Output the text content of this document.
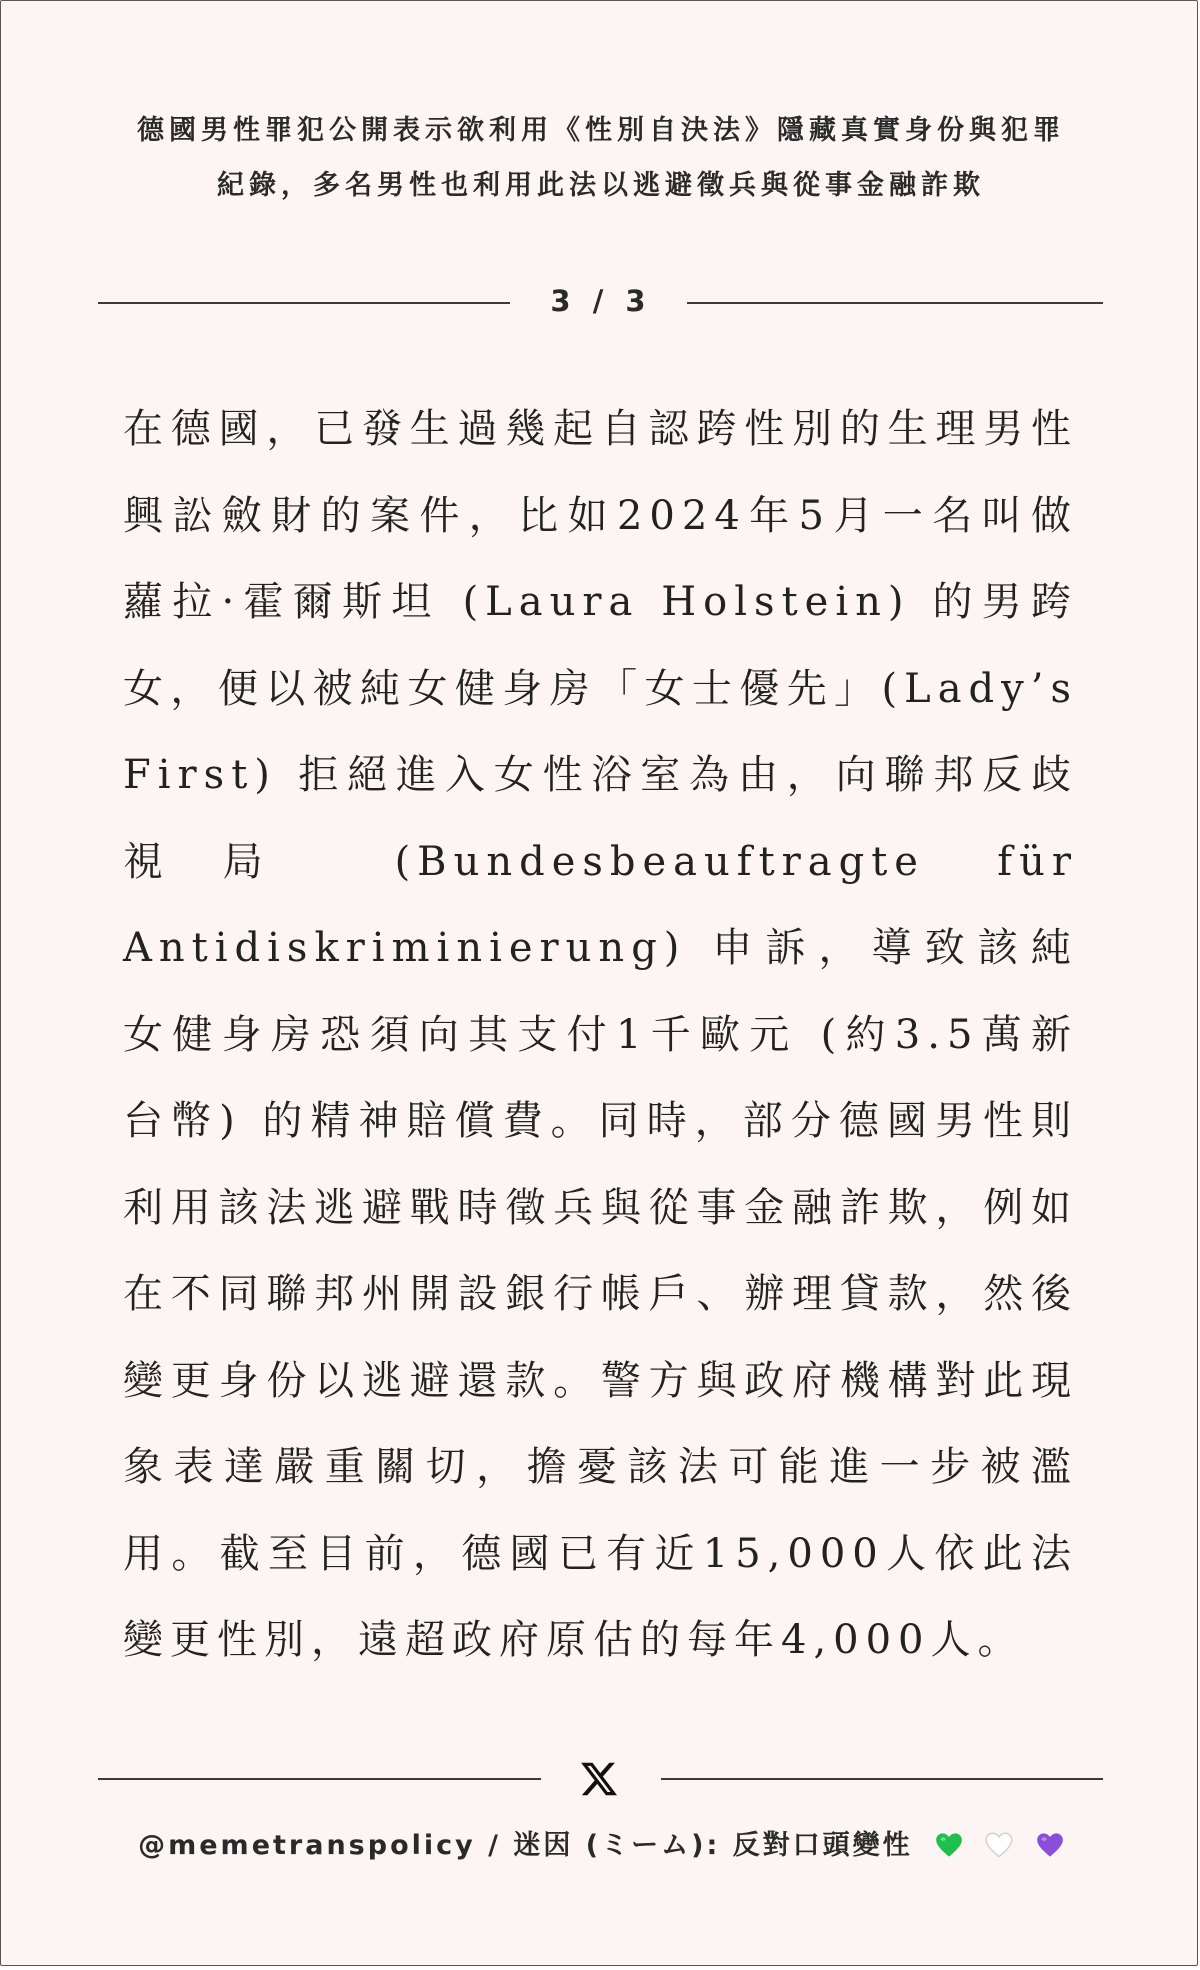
德國男性罪犯公開表示欲利用《性別自決法》隱藏真實身份與犯罪紀錄，多名男性也利用此法以逃避徵兵與從事金融詐欺
3 / 3
在德國，已發生過幾起自認跨性別的生理男性興訟斂財的案件，比如2024年5月一名叫做蘿拉·霍爾斯坦 (Laura Holstein) 的男跨女，便以被純女健身房「女士優先」(Lady’s First) 拒絕進入女性浴室為由，向聯邦反歧視局 (Bundesbeauftragte für Antidiskriminierung) 申訴，導致該純女健身房恐須向其支付1千歐元 (約3.5萬新台幣) 的精神賠償費。同時，部分德國男性則利用該法逃避戰時徵兵與從事金融詐欺，例如在不同聯邦州開設銀行帳戶、辦理貸款，然後變更身份以逃避還款。警方與政府機構對此現象表達嚴重關切，擔憂該法可能進一步被濫用。截至目前，德國已有近15,000人依此法變更性別，遠超政府原估的每年4,000人。
@memetranspolicy / 迷因 (ミーム): 反對口頭變性
